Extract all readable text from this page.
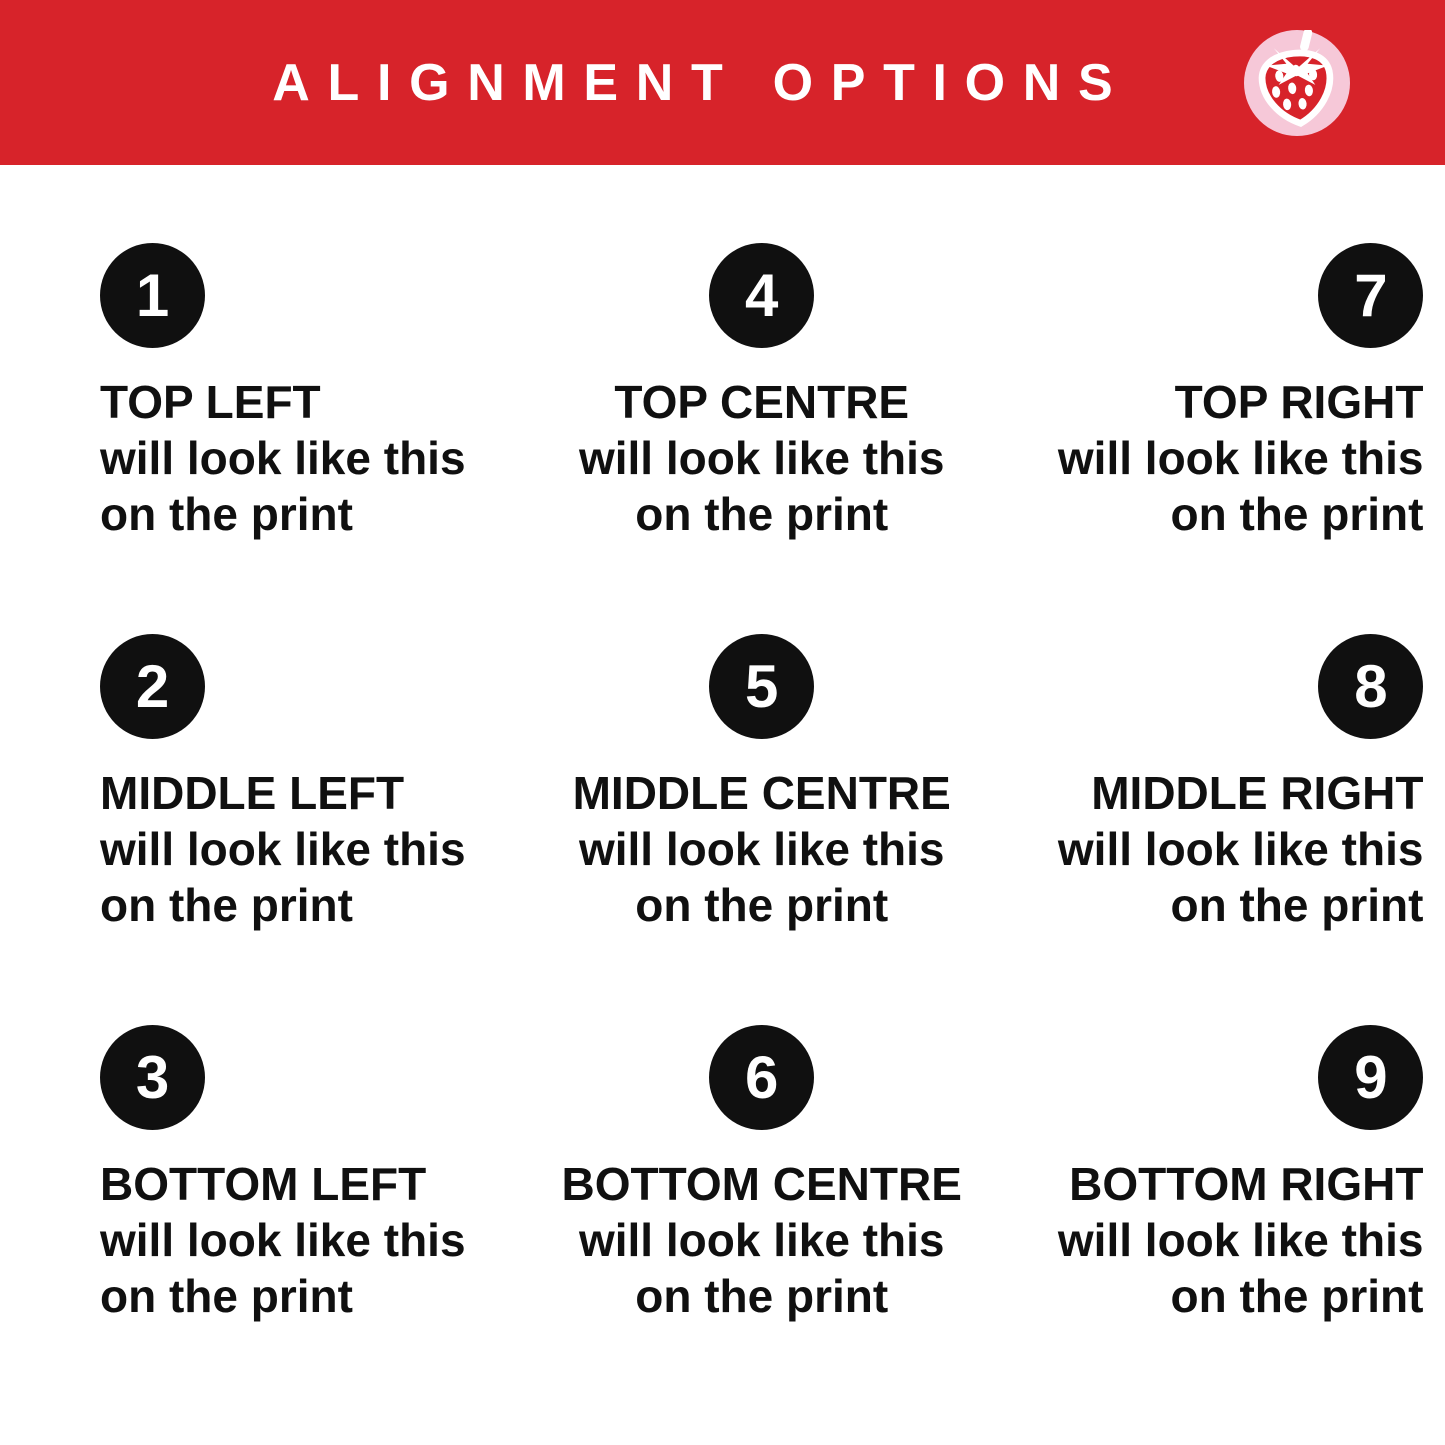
ALIGNMENT OPTIONS
1
TOP LEFT
will look like this
on the print
4
TOP CENTRE
will look like this
on the print
7
TOP RIGHT
will look like this
on the print
2
MIDDLE LEFT
will look like this
on the print
5
MIDDLE CENTRE
will look like this
on the print
8
MIDDLE RIGHT
will look like this
on the print
3
BOTTOM LEFT
will look like this
on the print
6
BOTTOM CENTRE
will look like this
on the print
9
BOTTOM RIGHT
will look like this
on the print
